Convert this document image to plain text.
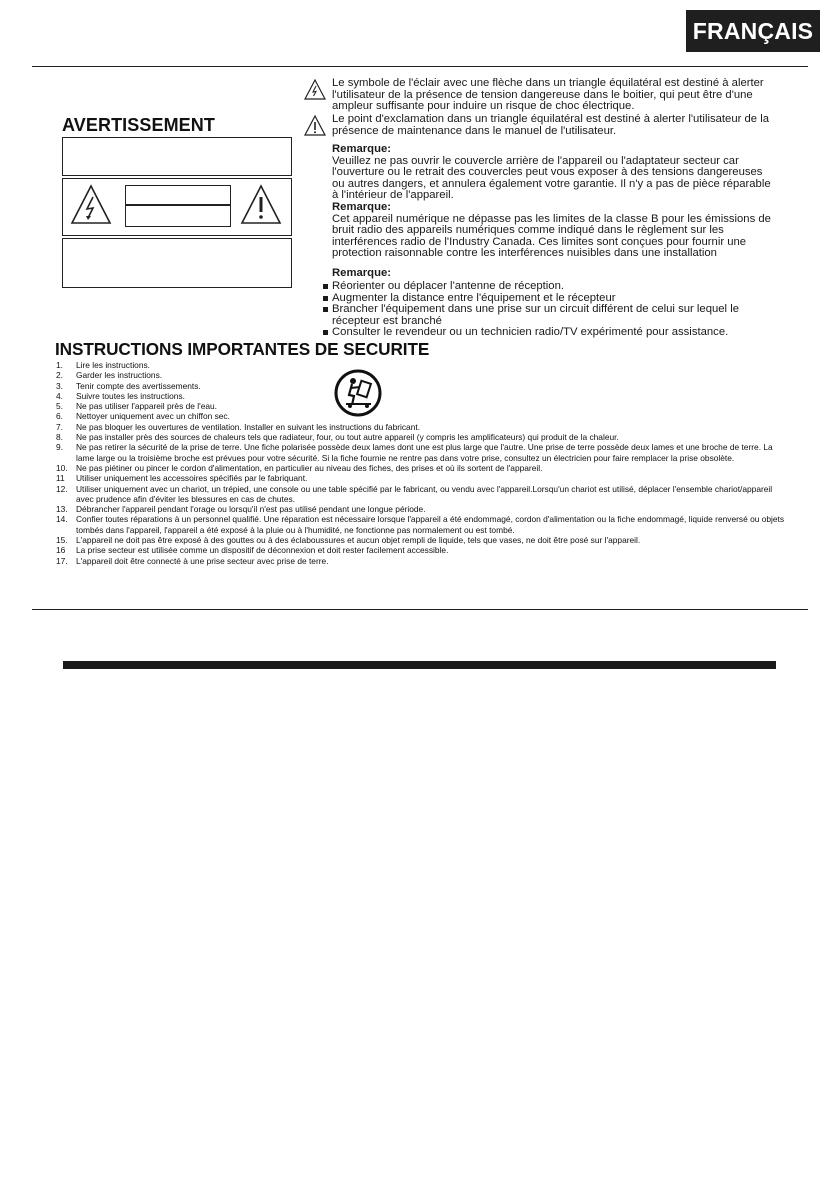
FRANÇAIS
AVERTISSEMENT

Le symbole de l'éclair avec une flèche dans un triangle équilatéral est destiné à alerter l'utilisateur de la présence de tension dangereuse dans le boitier, qui peut être d'une ampleur suffisante pour induire un risque de choc électrique.

Le point d'exclamation dans un triangle équilatéral est destiné à alerter l'utilisateur de la présence de maintenance dans le manuel de l'utilisateur.

Remarque:

Veuillez ne pas ouvrir le couvercle arrière de l'appareil ou l'adaptateur secteur car l'ouverture ou le retrait des couvercles peut vous exposer à des tensions dangereuses ou autres dangers, et annulera également votre garantie. Il n'y a pas de pièce réparable à l'intérieur de l'appareil.

Remarque:

Cet appareil numérique ne dépasse pas les limites de la classe B pour les émissions de bruit radio des appareils numériques comme indiqué dans le règlement sur les interférences radio de l'Industry Canada. Ces limites sont conçues pour fournir une protection raisonnable contre les interférences nuisibles dans une installation

Remarque:

Réorienter ou déplacer l'antenne de réception.
Augmenter la distance entre l'équipement et le récepteur
Brancher l'équipement dans une prise sur un circuit différent de celui sur lequel le récepteur est branché
Consulter le revendeur ou un technicien radio/TV expérimenté pour assistance.
INSTRUCTIONS IMPORTANTES DE SECURITE
1.	Lire les instructions.
2.	Garder les instructions.
3.	Tenir compte des avertissements.
4.	Suivre toutes les instructions.
5.	Ne pas utiliser l'appareil près de l'eau.
6.	Nettoyer uniquement avec un chiffon sec.
7.	Ne pas bloquer les ouvertures de ventilation. Installer en suivant les instructions du fabricant.
8.	Ne pas installer près des sources de chaleurs tels que radiateur, four, ou tout autre appareil (y compris les amplificateurs) qui produit de la chaleur.
9.	Ne pas retirer la sécurité de la prise de terre. Une fiche polarisée possède deux lames dont une est plus large que l'autre. Une prise de terre possède deux lames et une broche de terre. La lame large ou la troisième broche est prévues pour votre sécurité. Si la fiche fournie ne rentre pas dans votre prise, consultez un électricien pour faire remplacer la prise obsolète.
10. Ne pas piétiner ou pincer le cordon d'alimentation, en particulier au niveau des fiches, des prises et où ils sortent de l'appareil.
11	Utiliser uniquement les accessoires spécifiés par le fabriquant.
12. Utiliser uniquement avec un chariot, un trépied, une console ou une table spécifié par le fabricant, ou vendu avec l'appareil.Lorsqu'un chariot est utilisé, déplacer l'ensemble chariot/appareil avec prudence afin d'éviter les blessures en cas de chutes.
13. Débrancher l'appareil pendant l'orage ou lorsqu'il n'est pas utilisé pendant une longue période.
14. Confier toutes réparations à un personnel qualifié. Une réparation est nécessaire lorsque l'appareil a été endommagé, cordon d'alimentation ou la fiche endommagé, liquide renversé ou objets tombés dans l'appareil, l'appareil a été exposé à la pluie ou à l'humidité, ne fonctionne pas normalement ou est tombé.
15. L'appareil ne doit pas être exposé à des gouttes ou à des éclaboussures et aucun objet rempli de liquide, tels que vases, ne doit être posé sur l'appareil.
16	La prise secteur est utilisée comme un dispositif de déconnexion et doit rester facilement accessible.
17. L'appareil doit être connecté à une prise secteur avec prise de terre.
